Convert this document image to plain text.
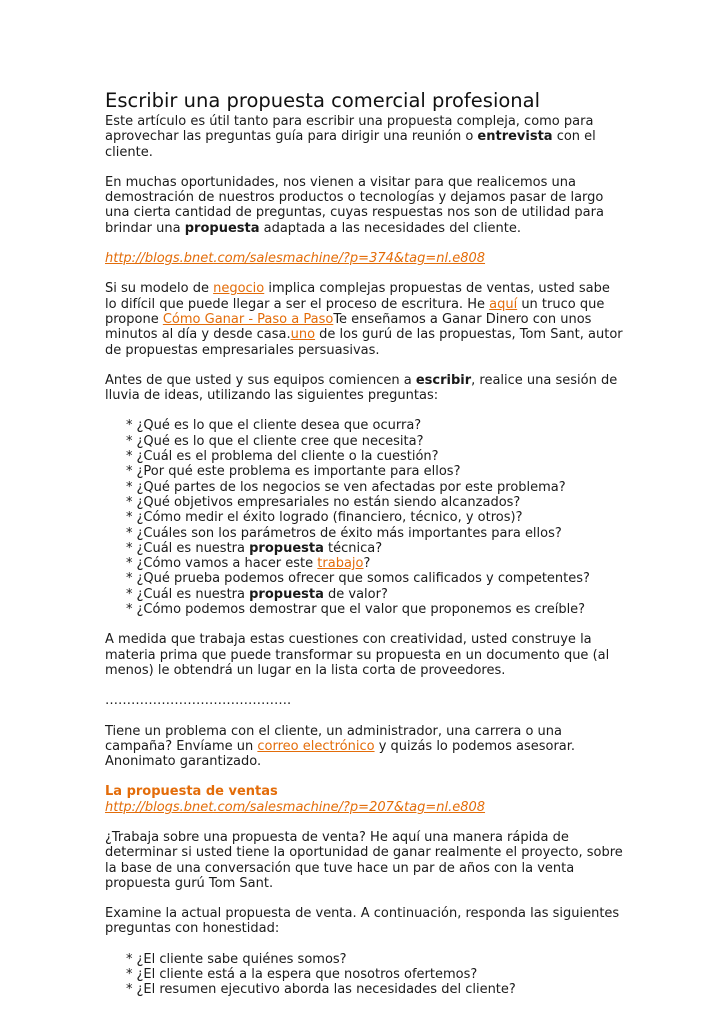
Escribir una propuesta comercial profesional

Este artículo es útil tanto para escribir una propuesta compleja, como para aprovechar las preguntas guía para dirigir una reunión o entrevista con el cliente.

En muchas oportunidades, nos vienen a visitar para que realicemos una demostración de nuestros productos o tecnologías y dejamos pasar de largo una cierta cantidad de preguntas, cuyas respuestas nos son de utilidad para brindar una propuesta adaptada a las necesidades del cliente.

http://blogs.bnet.com/salesmachine/?p=374&tag=nl.e808

Si su modelo de negocio implica complejas propuestas de ventas, usted sabe lo difícil que puede llegar a ser el proceso de escritura. He aquí un truco que propone Cómo Ganar - Paso a PasoTe enseñamos a Ganar Dinero con unos minutos al día y desde casa.uno de los gurú de las propuestas, Tom Sant, autor de propuestas empresariales persuasivas.

Antes de que usted y sus equipos comiencen a escribir, realice una sesión de lluvia de ideas, utilizando las siguientes preguntas:

* ¿Qué es lo que el cliente desea que ocurra?
* ¿Qué es lo que el cliente cree que necesita?
* ¿Cuál es el problema del cliente o la cuestión?
* ¿Por qué este problema es importante para ellos?
* ¿Qué partes de los negocios se ven afectadas por este problema?
* ¿Qué objetivos empresariales no están siendo alcanzados?
* ¿Cómo medir el éxito logrado (financiero, técnico, y otros)?
* ¿Cuáles son los parámetros de éxito más importantes para ellos?
* ¿Cuál es nuestra propuesta técnica?
* ¿Cómo vamos a hacer este trabajo?
* ¿Qué prueba podemos ofrecer que somos calificados y competentes?
* ¿Cuál es nuestra propuesta de valor?
* ¿Cómo podemos demostrar que el valor que proponemos es creíble?

A medida que trabaja estas cuestiones con creatividad, usted construye la materia prima que puede transformar su propuesta en un documento que (al menos) le obtendrá un lugar en la lista corta de proveedores.

…………………………………….

Tiene un problema con el cliente, un administrador, una carrera o una campaña? Envíame un correo electrónico y quizás lo podemos asesorar. Anonimato garantizado.

La propuesta de ventas

http://blogs.bnet.com/salesmachine/?p=207&tag=nl.e808

¿Trabaja sobre una propuesta de venta? He aquí una manera rápida de determinar si usted tiene la oportunidad de ganar realmente el proyecto, sobre la base de una conversación que tuve hace un par de años con la venta propuesta gurú Tom Sant.

Examine la actual propuesta de venta. A continuación, responda las siguientes preguntas con honestidad:

* ¿El cliente sabe quiénes somos?
* ¿El cliente está a la espera que nosotros ofertemos?
* ¿El resumen ejecutivo aborda las necesidades del cliente?
